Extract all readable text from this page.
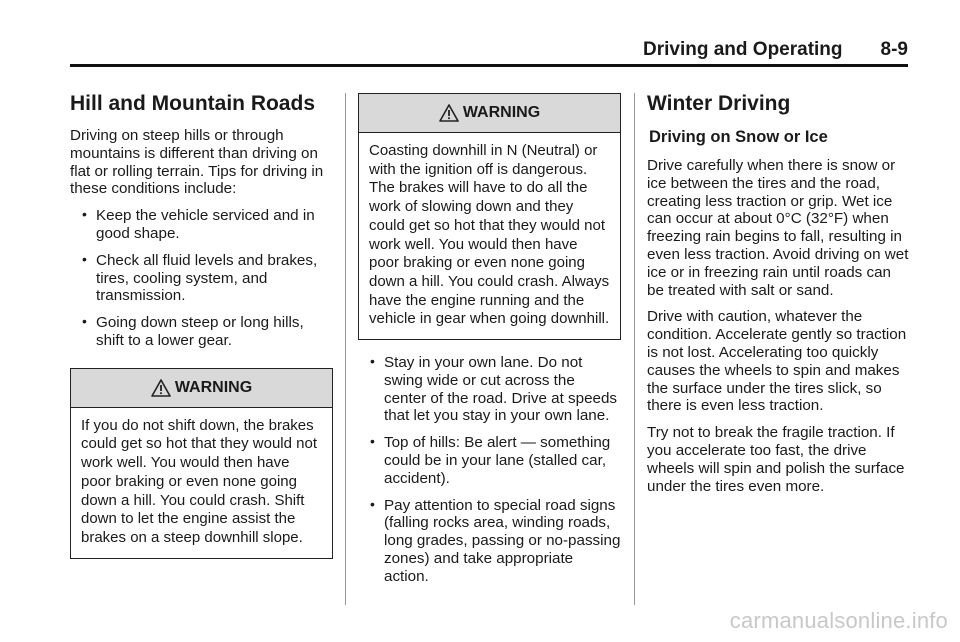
Driving and Operating 8-9
Hill and Mountain Roads

Driving on steep hills or through mountains is different than driving on flat or rolling terrain. Tips for driving in these conditions include:

• Keep the vehicle serviced and in good shape.
• Check all fluid levels and brakes, tires, cooling system, and transmission.
• Going down steep or long hills, shift to a lower gear.
WARNING
If you do not shift down, the brakes could get so hot that they would not work well. You would then have poor braking or even none going down a hill. You could crash. Shift down to let the engine assist the brakes on a steep downhill slope.
WARNING
Coasting downhill in N (Neutral) or with the ignition off is dangerous. The brakes will have to do all the work of slowing down and they could get so hot that they would not work well. You would then have poor braking or even none going down a hill. You could crash. Always have the engine running and the vehicle in gear when going downhill.
• Stay in your own lane. Do not swing wide or cut across the center of the road. Drive at speeds that let you stay in your own lane.
• Top of hills: Be alert — something could be in your lane (stalled car, accident).
• Pay attention to special road signs (falling rocks area, winding roads, long grades, passing or no-passing zones) and take appropriate action.
Winter Driving
Driving on Snow or Ice

Drive carefully when there is snow or ice between the tires and the road, creating less traction or grip. Wet ice can occur at about 0°C (32°F) when freezing rain begins to fall, resulting in even less traction. Avoid driving on wet ice or in freezing rain until roads can be treated with salt or sand.

Drive with caution, whatever the condition. Accelerate gently so traction is not lost. Accelerating too quickly causes the wheels to spin and makes the surface under the tires slick, so there is even less traction.

Try not to break the fragile traction. If you accelerate too fast, the drive wheels will spin and polish the surface under the tires even more.

carmanualsonline.info
